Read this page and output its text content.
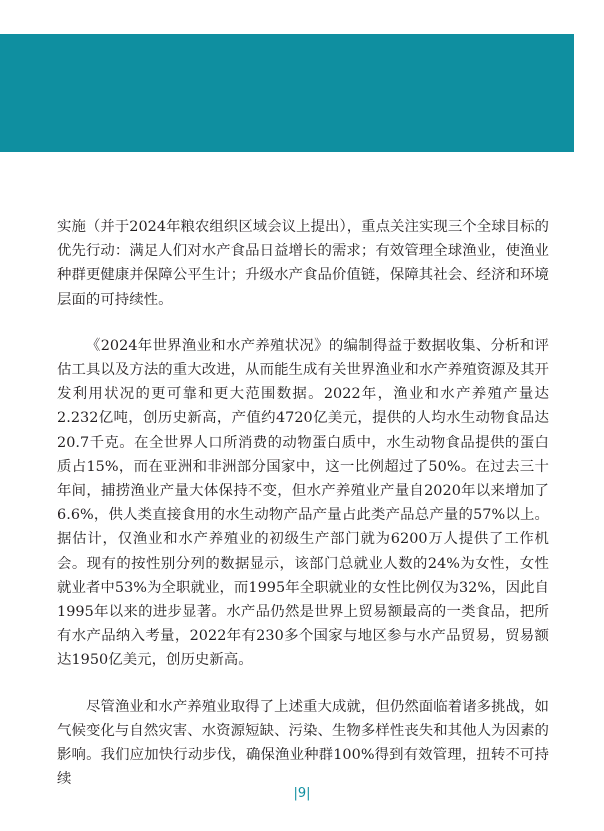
实施（并于2024年粮农组织区域会议上提出），重点关注实现三个全球目标的优先行动：满足人们对水产食品日益增长的需求；有效管理全球渔业，使渔业种群更健康并保障公平生计；升级水产食品价值链，保障其社会、经济和环境层面的可持续性。

《2024年世界渔业和水产养殖状况》的编制得益于数据收集、分析和评估工具以及方法的重大改进，从而能生成有关世界渔业和水产养殖资源及其开发利用状况的更可靠和更大范围数据。2022年，渔业和水产养殖产量达2.232亿吨，创历史新高，产值约4720亿美元，提供的人均水生动物食品达20.7千克。在全世界人口所消费的动物蛋白质中，水生动物食品提供的蛋白质占15%，而在亚洲和非洲部分国家中，这一比例超过了50%。在过去三十年间，捕捞渔业产量大体保持不变，但水产养殖业产量自2020年以来增加了6.6%，供人类直接食用的水生动物产品产量占此类产品总产量的57%以上。据估计，仅渔业和水产养殖业的初级生产部门就为6200万人提供了工作机会。现有的按性别分列的数据显示，该部门总就业人数的24%为女性，女性就业者中53%为全职就业，而1995年全职就业的女性比例仅为32%，因此自1995年以来的进步显著。水产品仍然是世界上贸易额最高的一类食品，把所有水产品纳入考量，2022年有230多个国家与地区参与水产品贸易，贸易额达1950亿美元，创历史新高。

尽管渔业和水产养殖业取得了上述重大成就，但仍然面临着诸多挑战，如气候变化与自然灾害、水资源短缺、污染、生物多样性丧失和其他人为因素的影响。我们应加快行动步伐，确保渔业种群100%得到有效管理，扭转不可持续

|9|
